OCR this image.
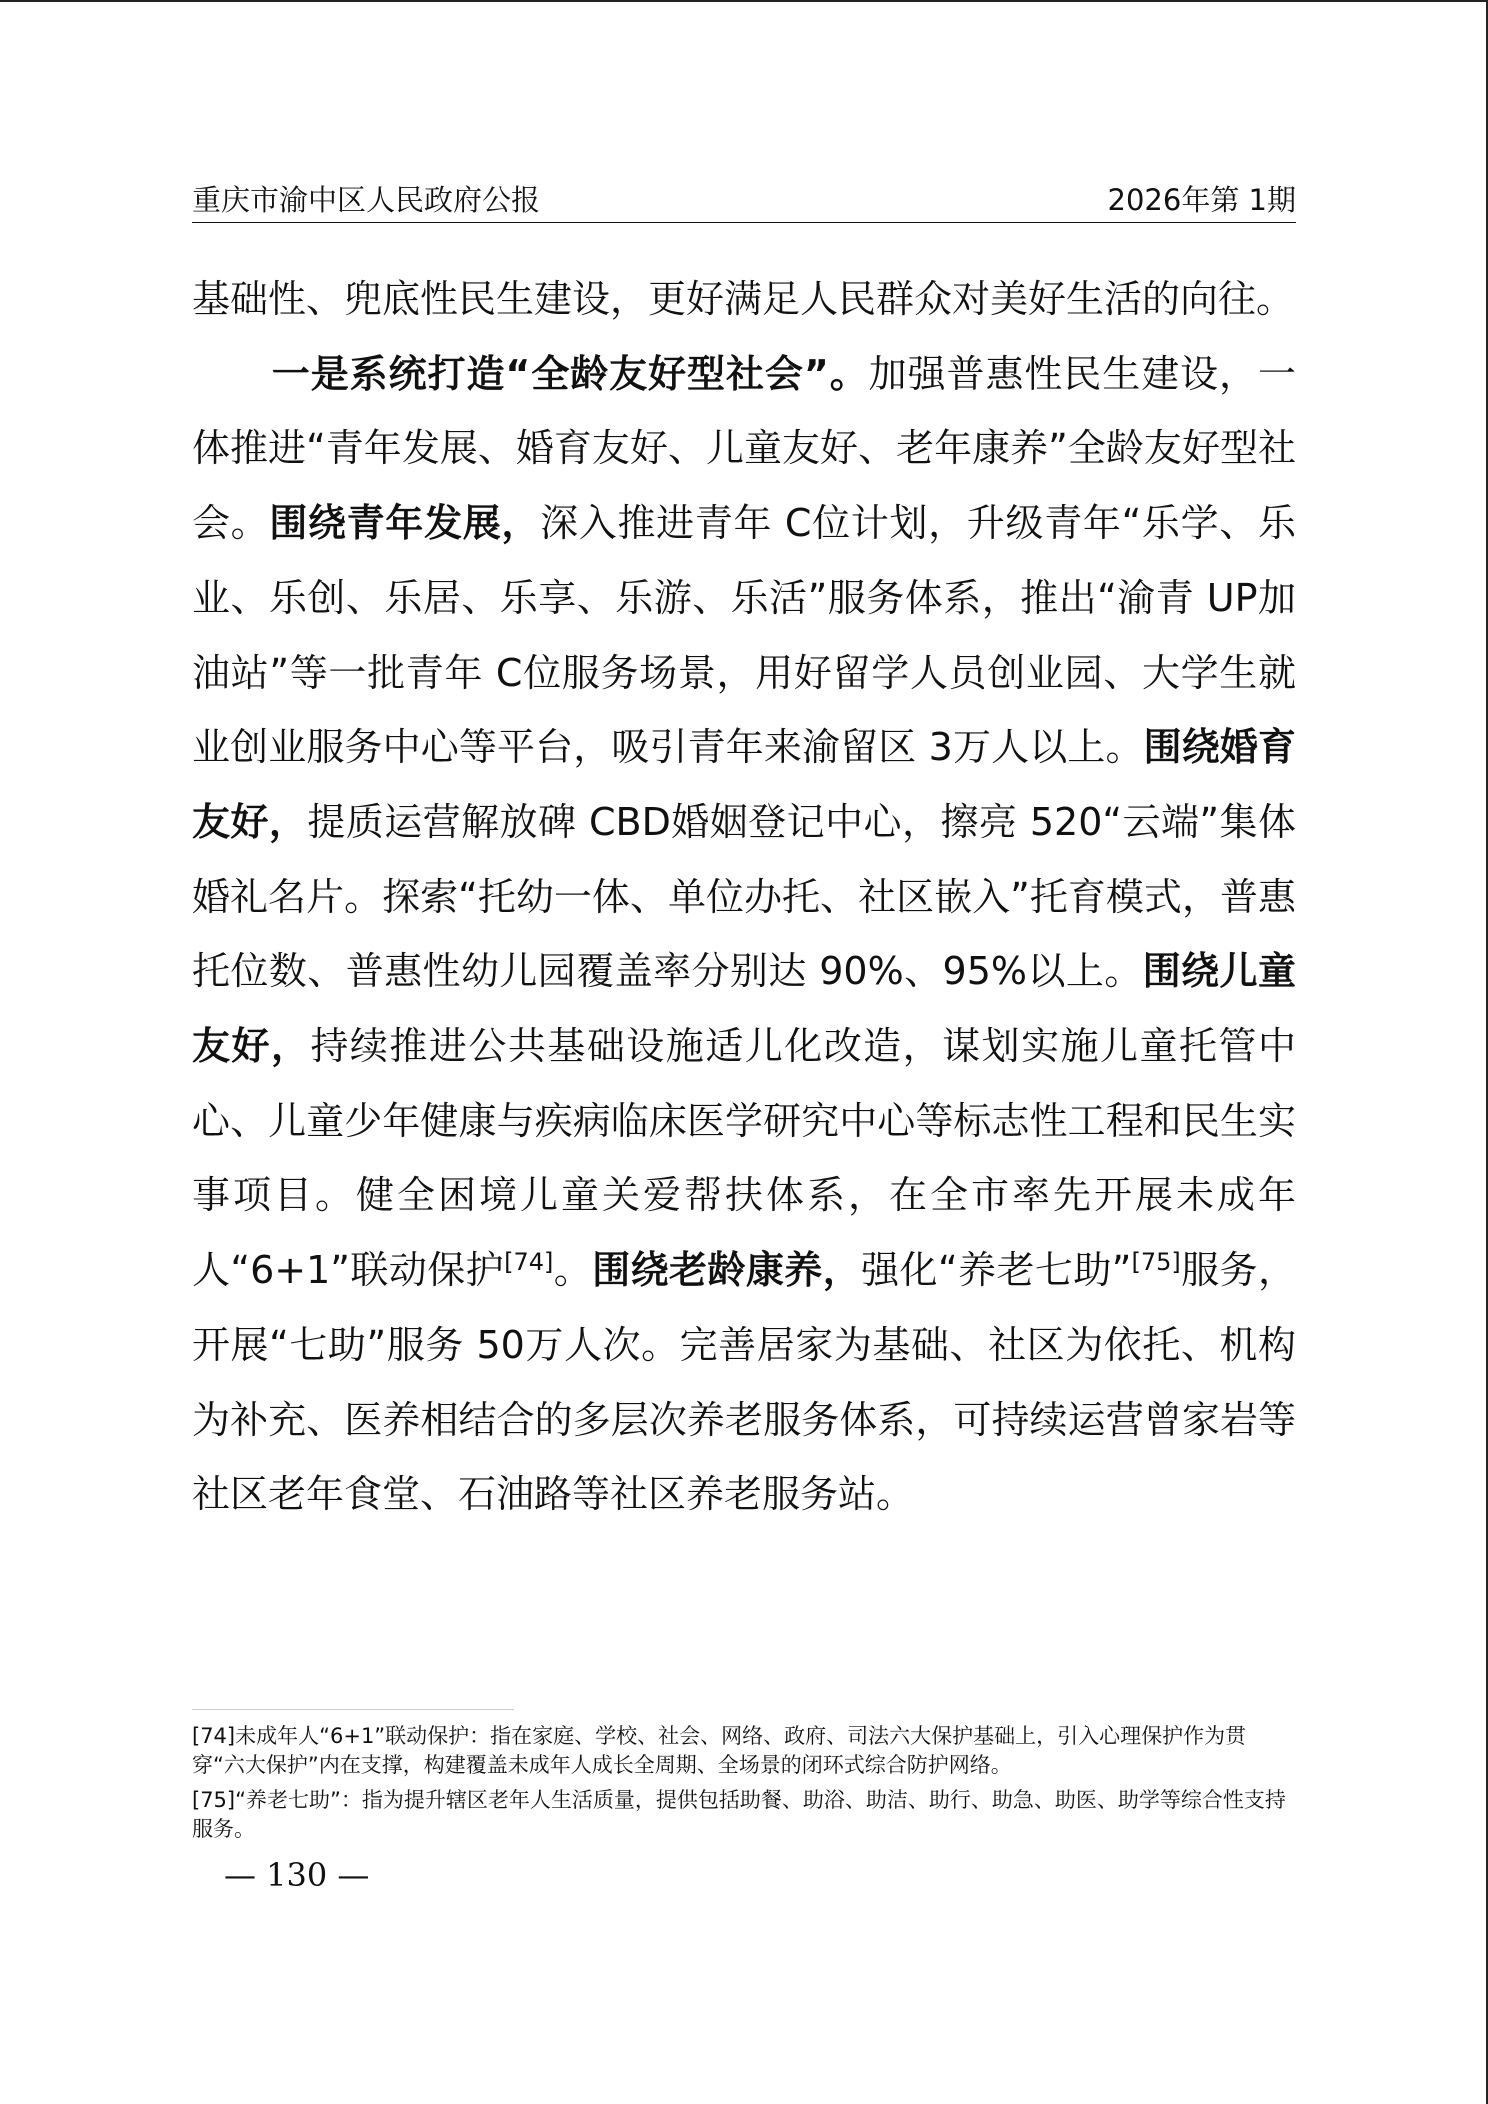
重庆市渝中区人民政府公报	2026年第 1期

基础性、兜底性民生建设，更好满足人民群众对美好生活的向往。

一是系统打造“全龄友好型社会”。加强普惠性民生建设，一体推进“青年发展、婚育友好、儿童友好、老年康养”全龄友好型社会。围绕青年发展，深入推进青年 C位计划，升级青年“乐学、乐业、乐创、乐居、乐享、乐游、乐活”服务体系，推出“渝青 UP加油站”等一批青年 C位服务场景，用好留学人员创业园、大学生就业创业服务中心等平台，吸引青年来渝留区 3万人以上。围绕婚育友好，提质运营解放碑 CBD婚姻登记中心，擦亮 520“云端”集体婚礼名片。探索“托幼一体、单位办托、社区嵌入”托育模式，普惠托位数、普惠性幼儿园覆盖率分别达 90%、95%以上。围绕儿童友好，持续推进公共基础设施适儿化改造，谋划实施儿童托管中心、儿童少年健康与疾病临床医学研究中心等标志性工程和民生实事项目。健全困境儿童关爱帮扶体系，在全市率先开展未成年人“6+1”联动保护[74]。围绕老龄康养，强化“养老七助”[75]服务，开展“七助”服务 50万人次。完善居家为基础、社区为依托、机构为补充、医养相结合的多层次养老服务体系，可持续运营曾家岩等社区老年食堂、石油路等社区养老服务站。

[74]未成年人“6+1”联动保护：指在家庭、学校、社会、网络、政府、司法六大保护基础上，引入心理保护作为贯穿“六大保护”内在支撑，构建覆盖未成年人成长全周期、全场景的闭环式综合防护网络。

[75]“养老七助”：指为提升辖区老年人生活质量，提供包括助餐、助浴、助洁、助行、助急、助医、助学等综合性支持服务。

— 130 —
